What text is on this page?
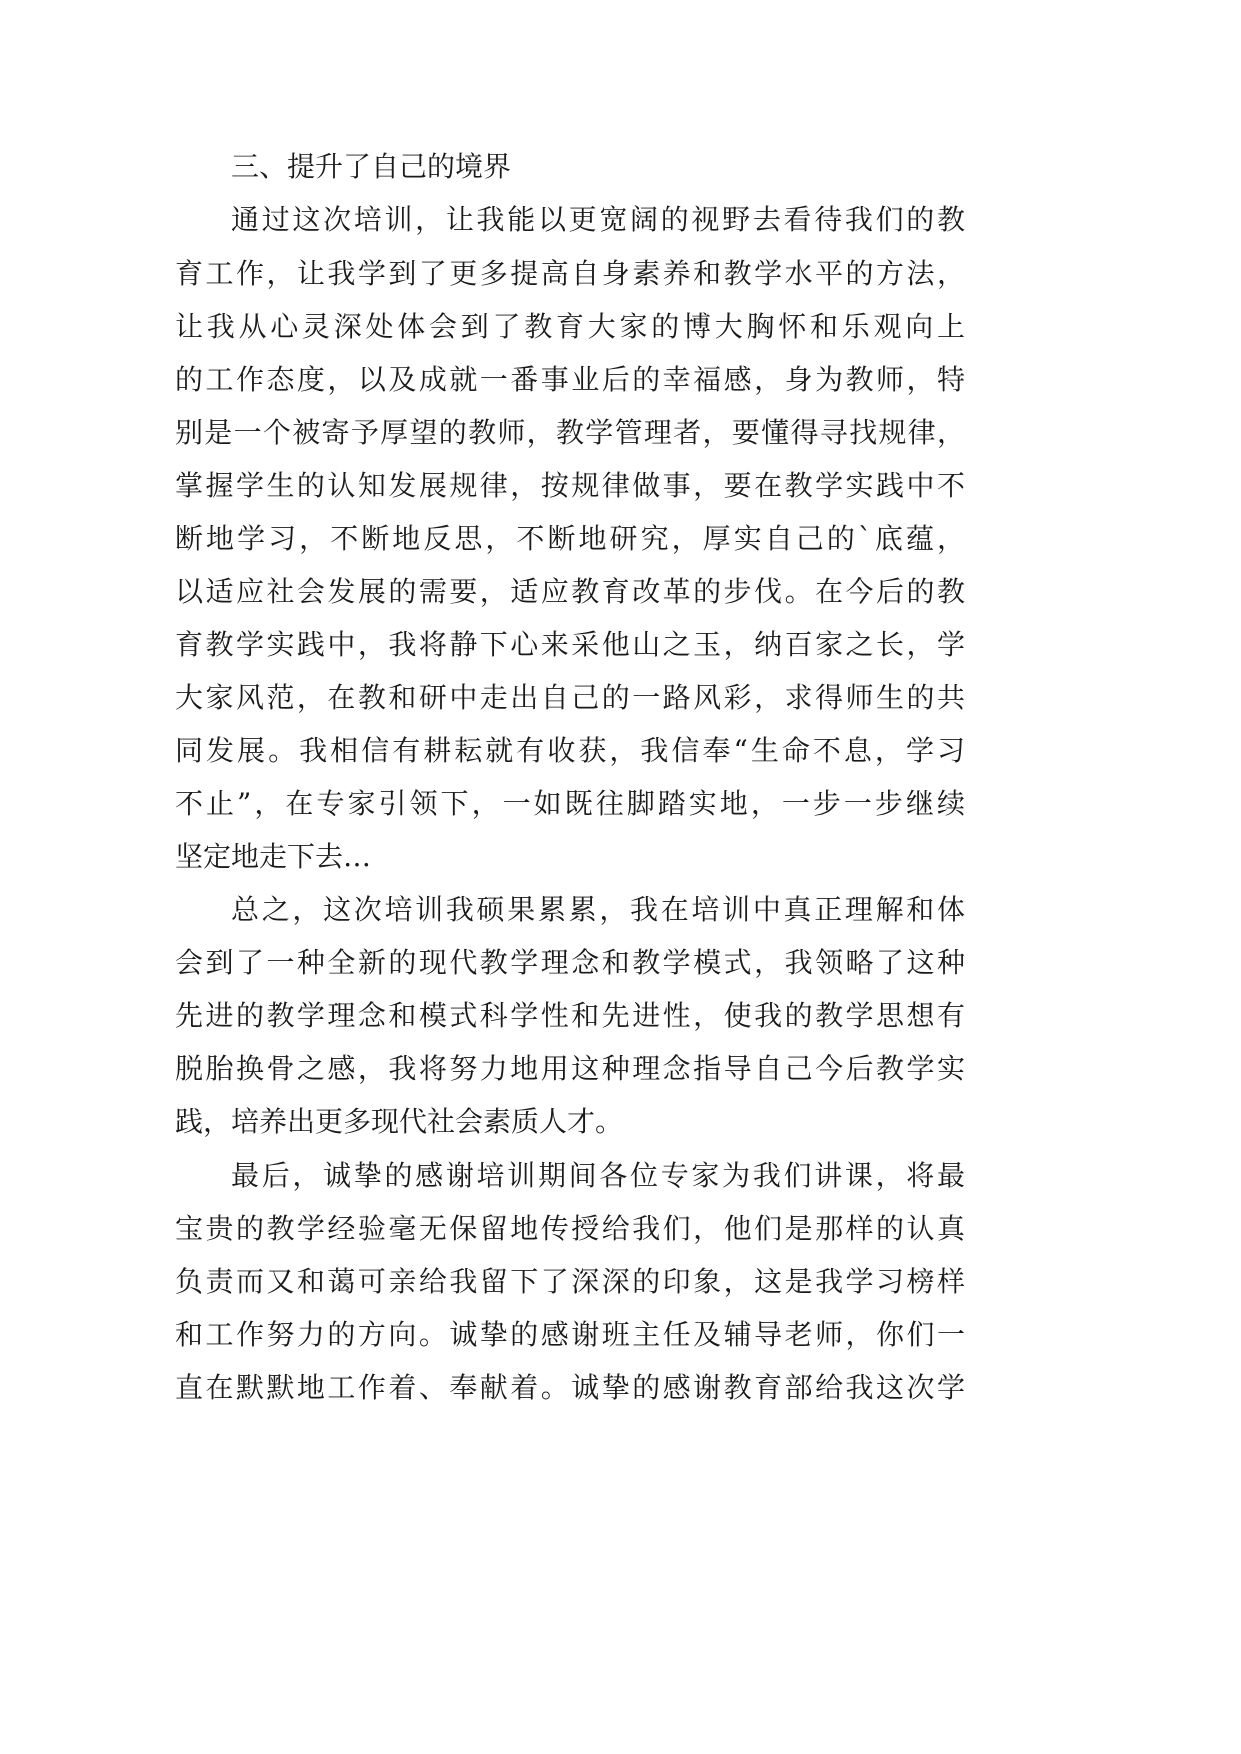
三、提升了自己的境界
通过这次培训，让我能以更宽阔的视野去看待我们的教
育工作，让我学到了更多提高自身素养和教学水平的方法，
让我从心灵深处体会到了教育大家的博大胸怀和乐观向上
的工作态度，以及成就一番事业后的幸福感，身为教师，特
别是一个被寄予厚望的教师，教学管理者，要懂得寻找规律，
掌握学生的认知发展规律，按规律做事，要在教学实践中不
断地学习，不断地反思，不断地研究，厚实自己的`底蕴，
以适应社会发展的需要，适应教育改革的步伐。在今后的教
育教学实践中，我将静下心来采他山之玉，纳百家之长，学
大家风范，在教和研中走出自己的一路风彩，求得师生的共
同发展。我相信有耕耘就有收获，我信奉“生命不息，学习
不止”，在专家引领下，一如既往脚踏实地，一步一步继续
坚定地走下去…
总之，这次培训我硕果累累，我在培训中真正理解和体
会到了一种全新的现代教学理念和教学模式，我领略了这种
先进的教学理念和模式科学性和先进性，使我的教学思想有
脱胎换骨之感，我将努力地用这种理念指导自己今后教学实
践，培养出更多现代社会素质人才。
最后，诚挚的感谢培训期间各位专家为我们讲课，将最
宝贵的教学经验毫无保留地传授给我们，他们是那样的认真
负责而又和蔼可亲给我留下了深深的印象，这是我学习榜样
和工作努力的方向。诚挚的感谢班主任及辅导老师，你们一
直在默默地工作着、奉献着。诚挚的感谢教育部给我这次学
